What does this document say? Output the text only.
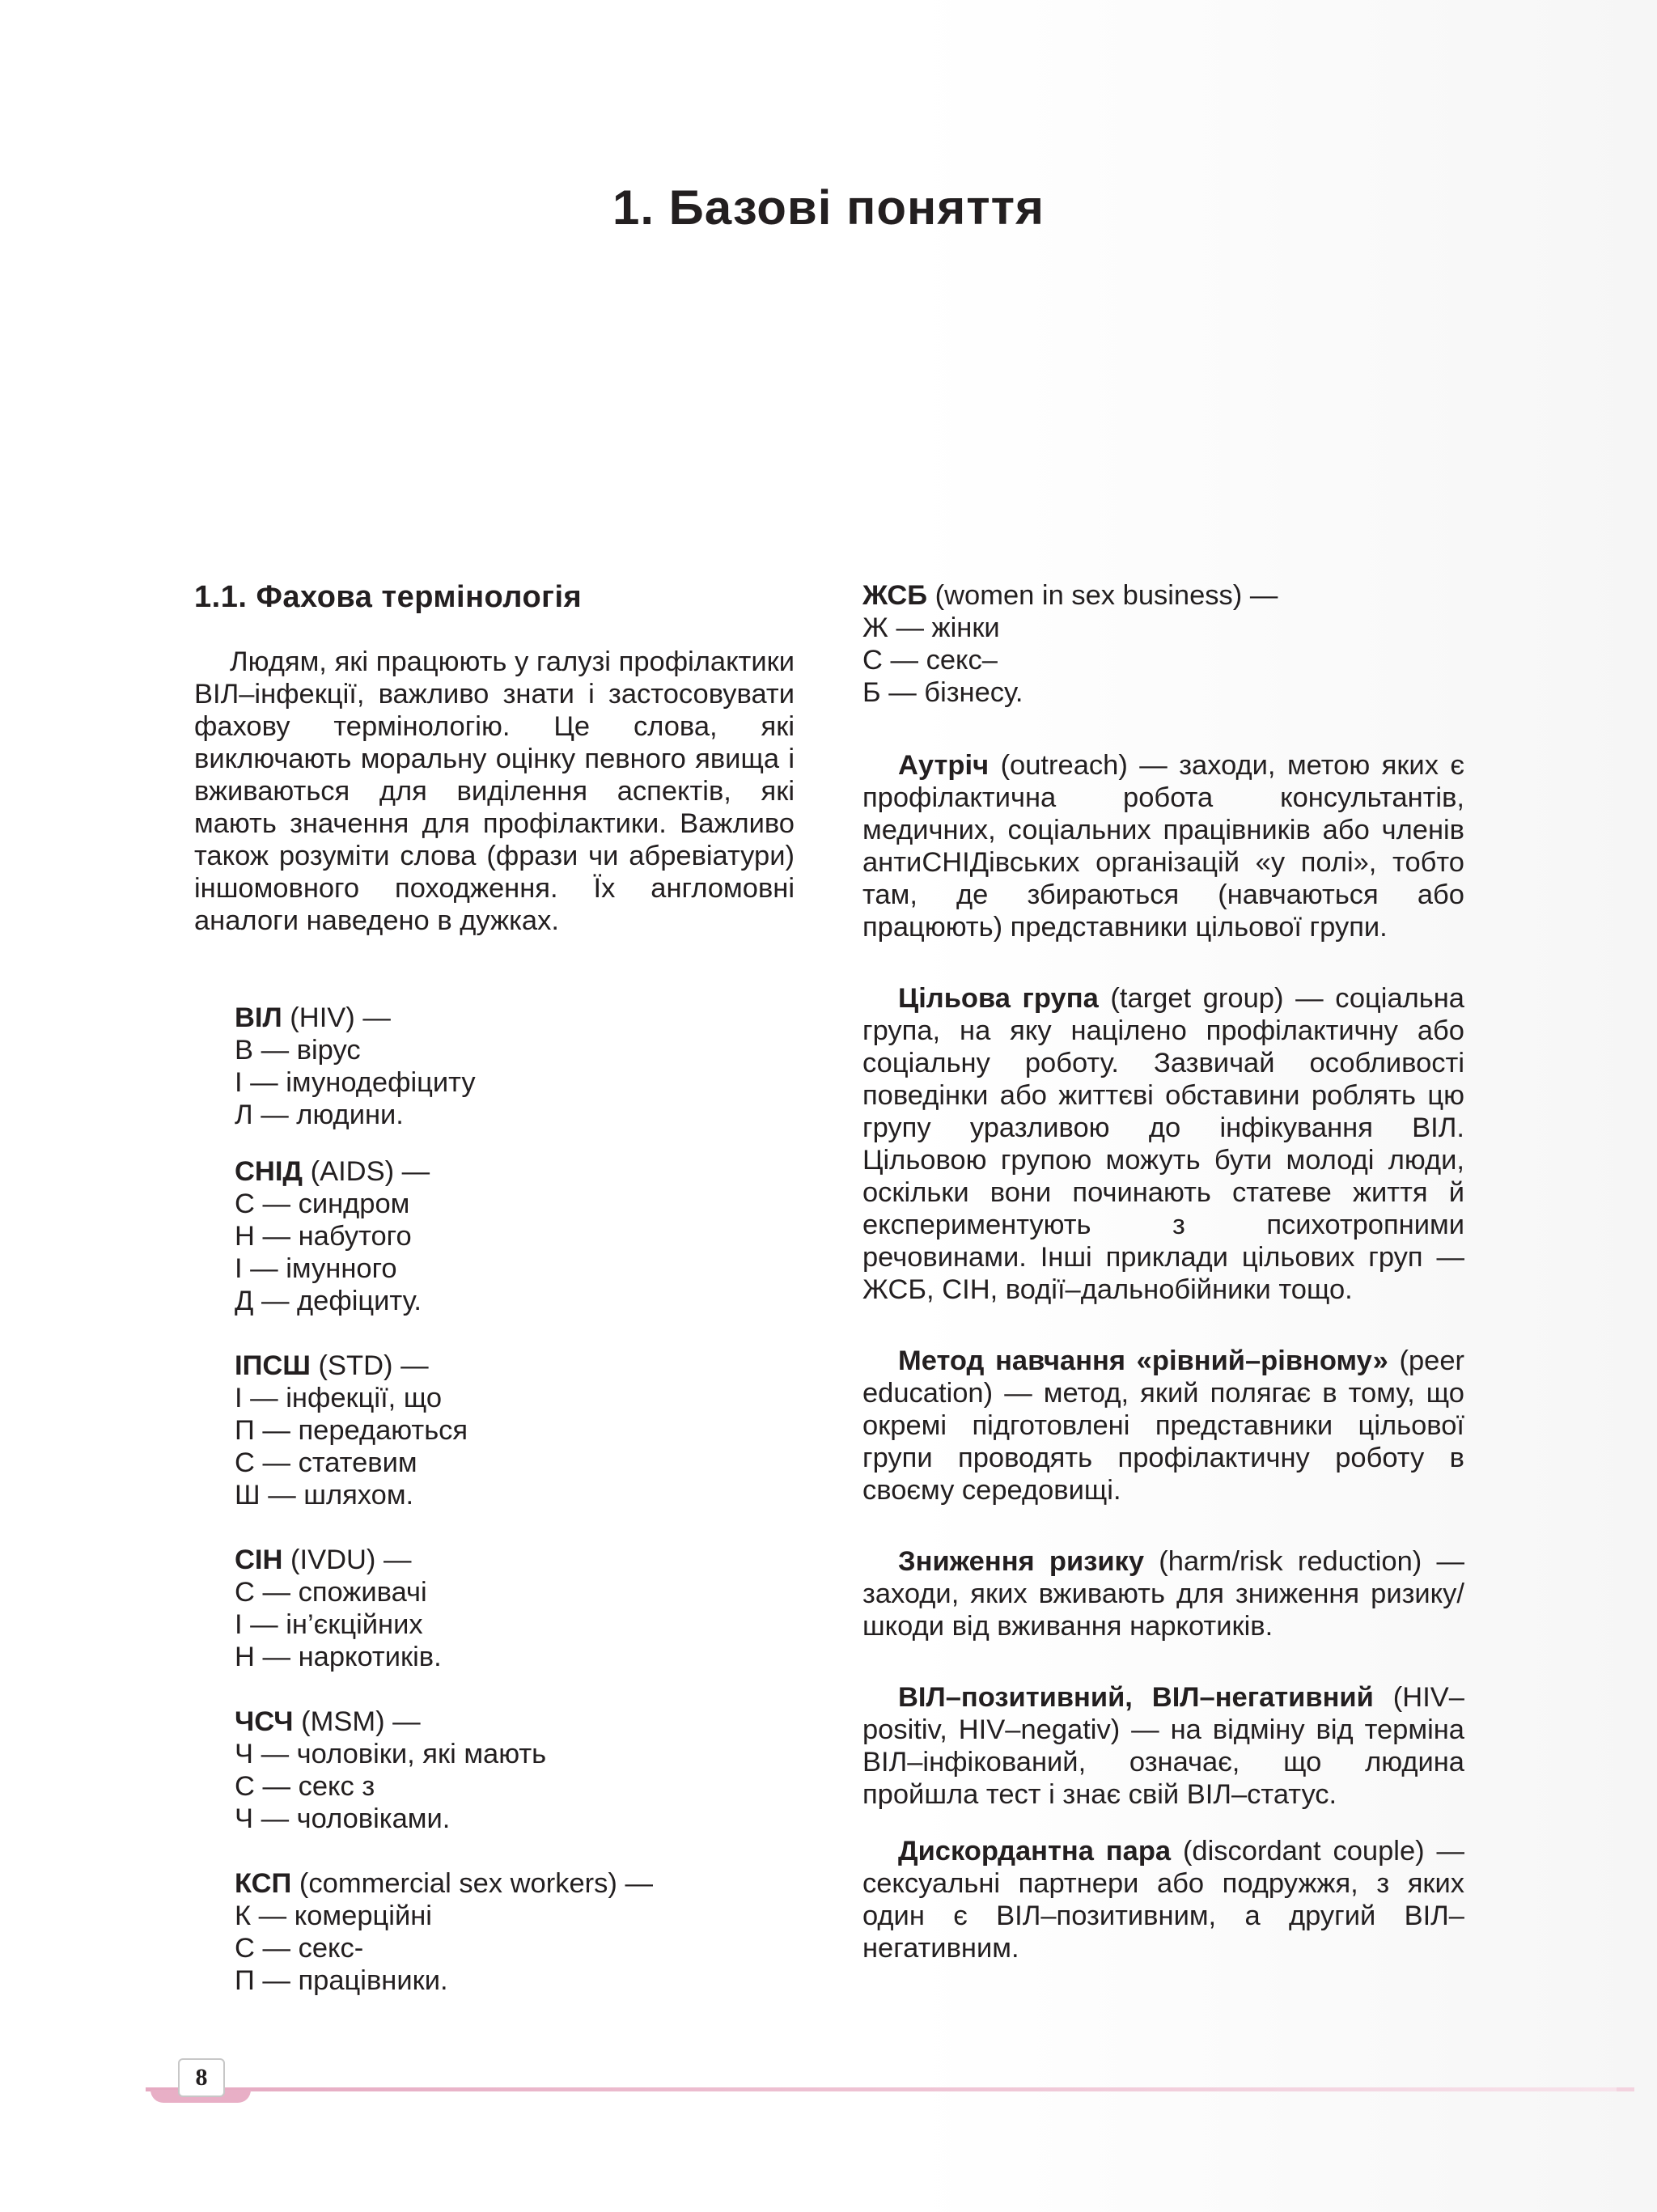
1. Базові поняття
1.1. Фахова термінологія

Людям, які працюють у галузі профілактики ВІЛ–інфекції, важливо знати і застосовувати фахову термінологію. Це слова, які виключають моральну оцінку певного явища і вживаються для виділення аспектів, які мають значення для профілактики. Важливо також розуміти слова (фрази чи абревіатури) іншомовного походження. Їх англомовні аналоги наведено в дужках.

ВІЛ (HIV) —
В — вірус
І — імунодефіциту
Л — людини.
СНІД (AIDS) —
С — синдром
Н — набутого
І — імунного
Д — дефіциту.
ІПСШ (STD) —
І — інфекції, що
П — передаються
С — статевим
Ш — шляхом.
СІН (IVDU) —
С — споживачі
І — ін’єкційних
Н — наркотиків.
ЧСЧ (MSM) —
Ч — чоловіки, які мають
С — секс з
Ч — чоловіками.
КСП (commercial sex workers) —
К — комерційні
С — секс-
П — працівники.
ЖСБ (women in sex business) —
Ж — жінки
С — секс–
Б — бізнесу.

Аутріч (outreach) — заходи, метою яких є профілактична робота консультантів, медичних, соціальних працівників або членів антиСНІДівських організацій «у полі», тобто там, де збираються (навчаються або працюють) представники цільової групи.

Цільова група (target group) — соціальна група, на яку націлено профілактичну або соціальну роботу. Зазвичай особливості поведінки або життєві обставини роблять цю групу уразливою до інфікування ВІЛ. Цільовою групою можуть бути молоді люди, оскільки вони починають статеве життя й експериментують з психотропними речовинами. Інші приклади цільових груп — ЖСБ, СІН, водії–дальнобійники тощо.

Метод навчання «рівний–рівному» (peer education) — метод, який полягає в тому, що окремі підготовлені представники цільової групи проводять профілактичну роботу в своєму середовищі.

Зниження ризику (harm/risk reduction) — заходи, яких вживають для зниження ризику/шкоди від вживання наркотиків.

ВІЛ–позитивний, ВІЛ–негативний (HIV–positiv, HIV–negativ) — на відміну від терміна ВІЛ–інфікований, означає, що людина пройшла тест і знає свій ВІЛ–статус.

Дискордантна пара (discordant couple) — сексуальні партнери або подружжя, з яких один є ВІЛ–позитивним, а другий ВІЛ–негативним.

8
